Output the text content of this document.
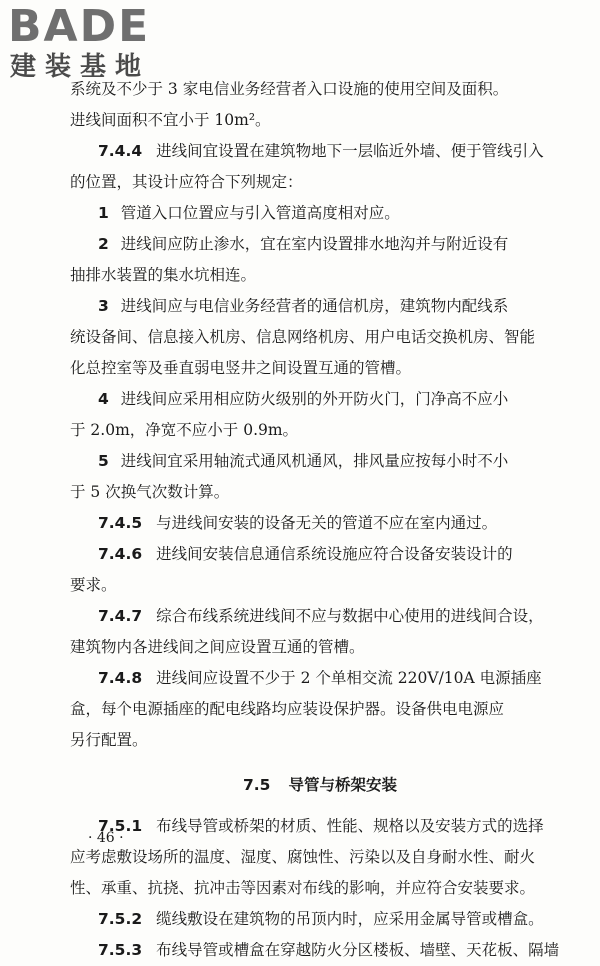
BADE
建装基地
系统及不少于 3 家电信业务经营者入口设施的使用空间及面积。
进线间面积不宜小于 10m²。
7.4.4 进线间宜设置在建筑物地下一层临近外墙、便于管线引入
的位置，其设计应符合下列规定：
1 管道入口位置应与引入管道高度相对应。
2 进线间应防止渗水，宜在室内设置排水地沟并与附近设有
抽排水装置的集水坑相连。
3 进线间应与电信业务经营者的通信机房，建筑物内配线系
统设备间、信息接入机房、信息网络机房、用户电话交换机房、智能
化总控室等及垂直弱电竖井之间设置互通的管槽。
4 进线间应采用相应防火级别的外开防火门，门净高不应小
于 2.0m，净宽不应小于 0.9m。
5 进线间宜采用轴流式通风机通风，排风量应按每小时不小
于 5 次换气次数计算。
7.4.5 与进线间安装的设备无关的管道不应在室内通过。
7.4.6 进线间安装信息通信系统设施应符合设备安装设计的
要求。
7.4.7 综合布线系统进线间不应与数据中心使用的进线间合设，
建筑物内各进线间之间应设置互通的管槽。
7.4.8 进线间应设置不少于 2 个单相交流 220V/10A 电源插座
盒，每个电源插座的配电线路均应装设保护器。设备供电电源应
另行配置。
7.5 导管与桥架安装
7.5.1 布线导管或桥架的材质、性能、规格以及安装方式的选择
应考虑敷设场所的温度、湿度、腐蚀性、污染以及自身耐水性、耐火
性、承重、抗挠、抗冲击等因素对布线的影响，并应符合安装要求。
7.5.2 缆线敷设在建筑物的吊顶内时，应采用金属导管或槽盒。
7.5.3 布线导管或槽盒在穿越防火分区楼板、墙壁、天花板、隔墙
· 46 ·
